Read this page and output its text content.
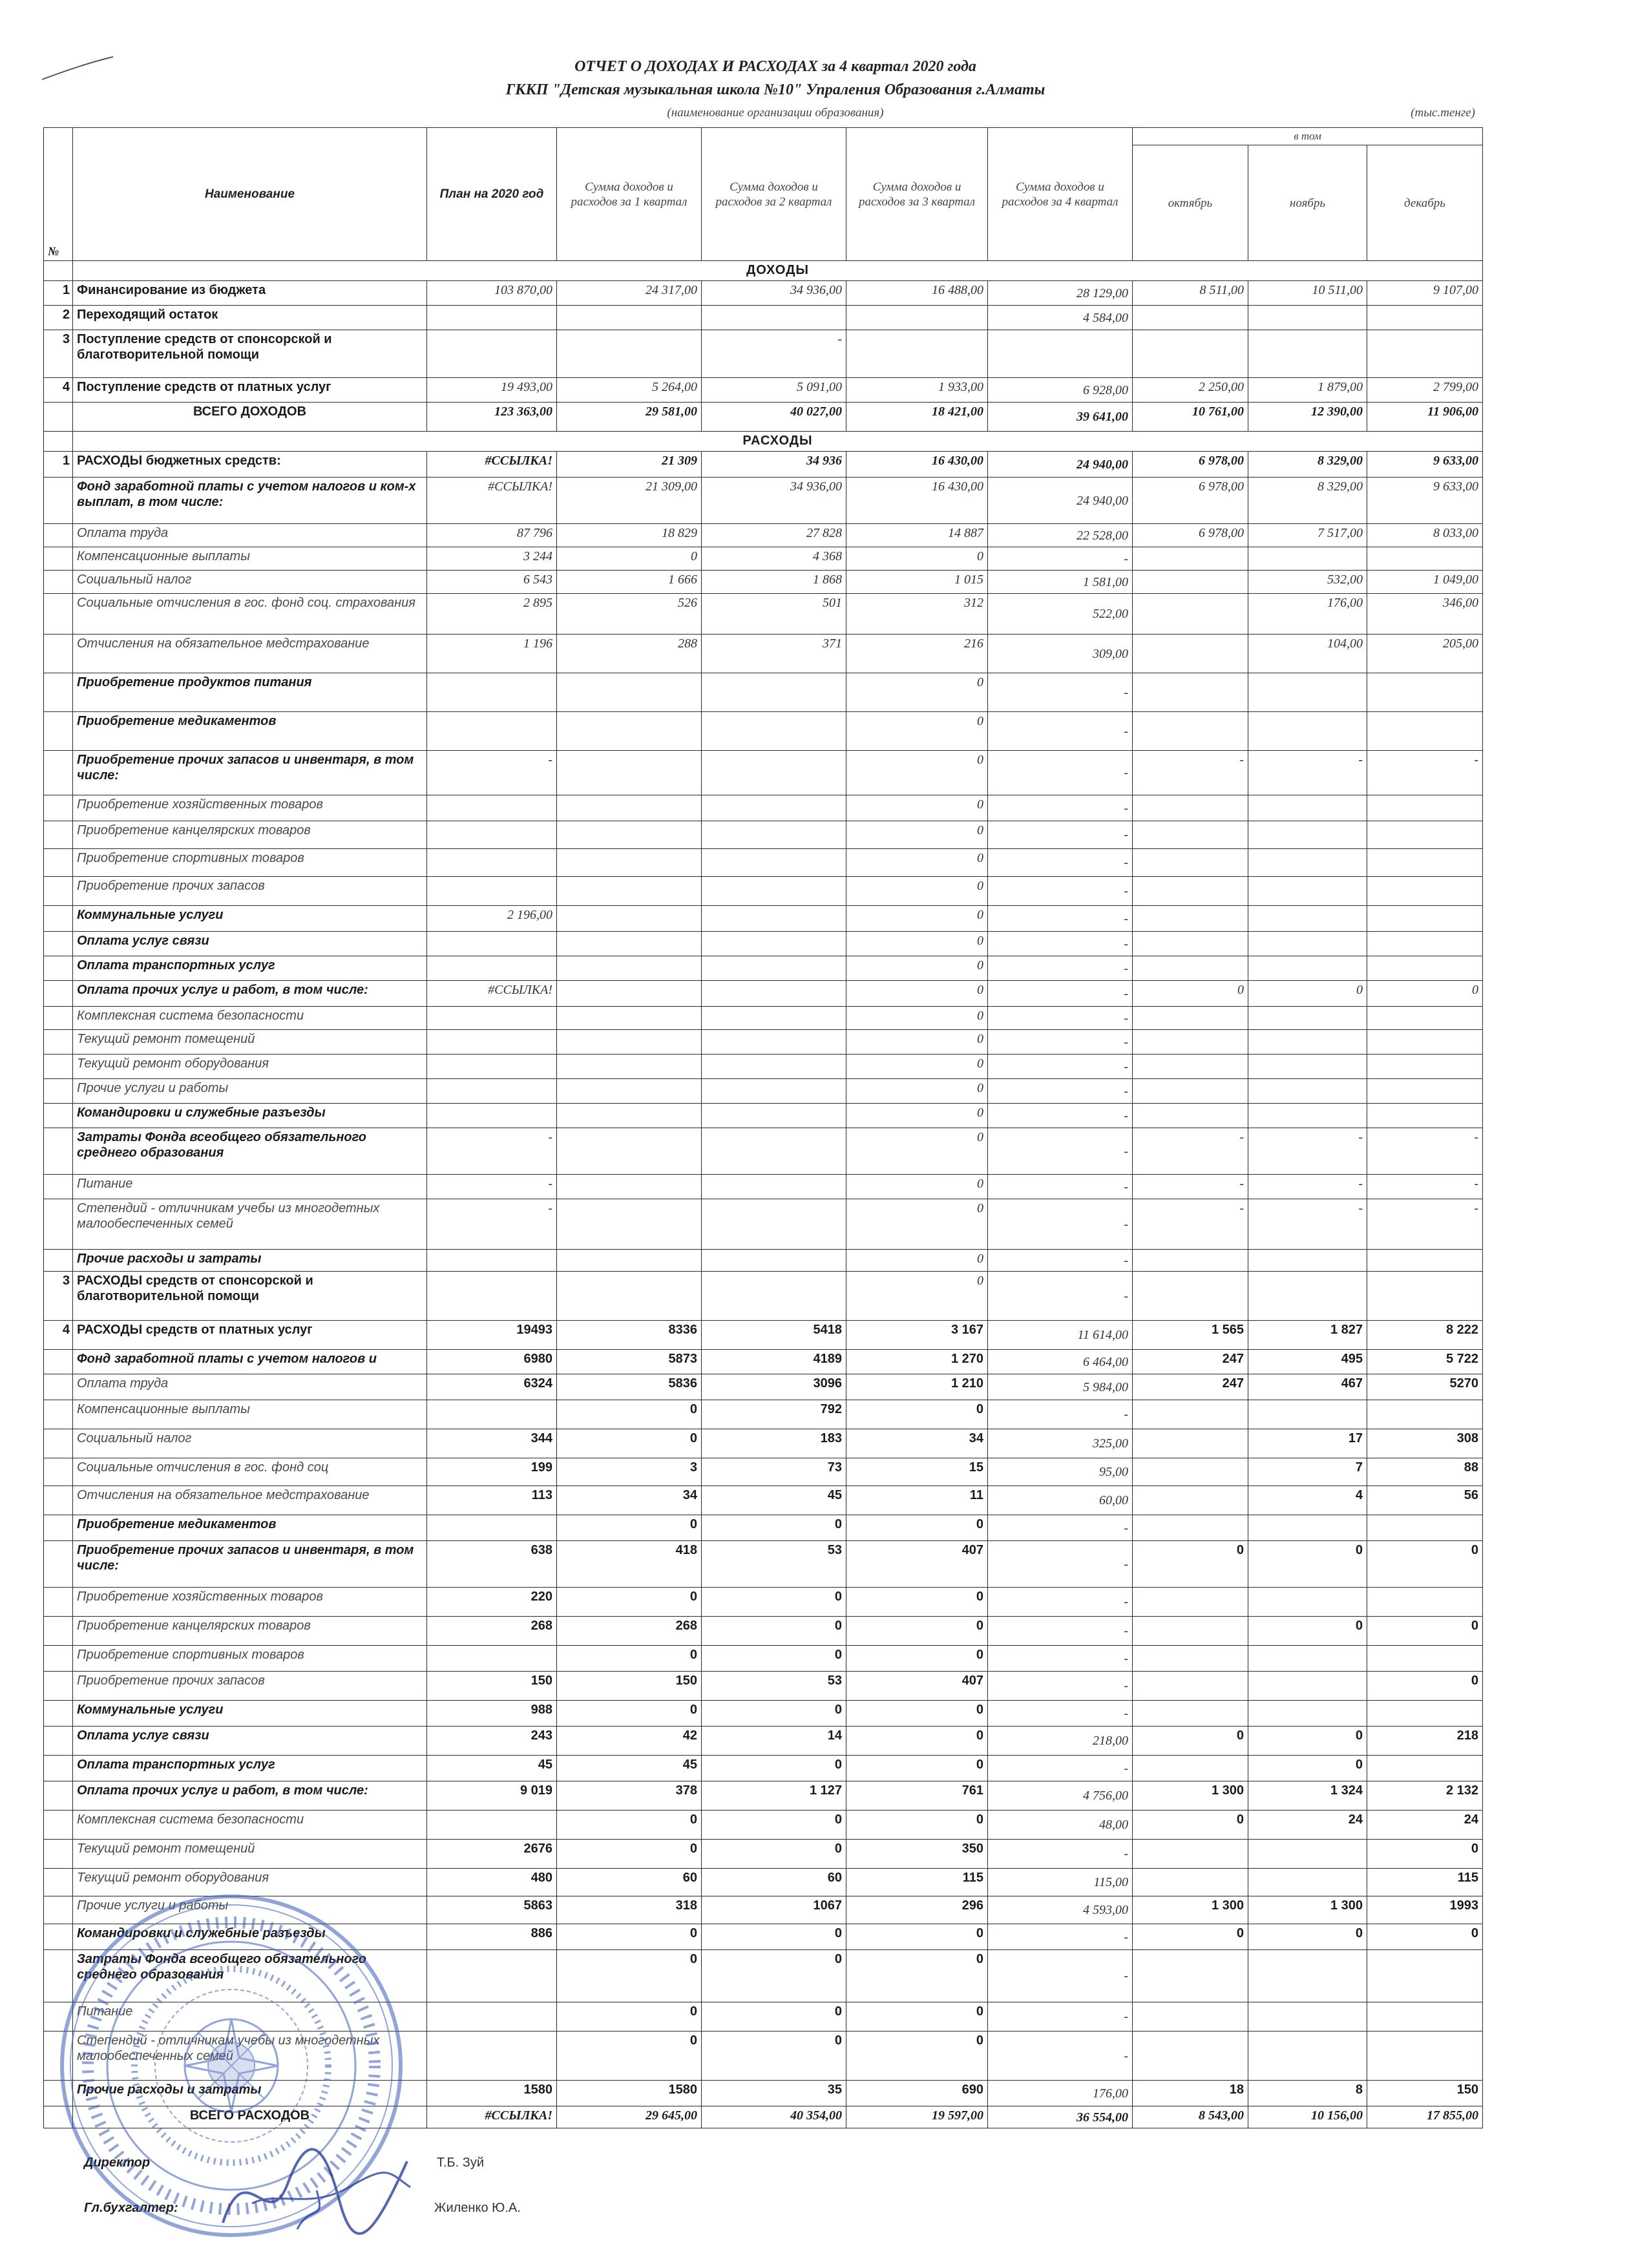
ОТЧЕТ О ДОХОДАХ И РАСХОДАХ за 4 квартал 2020 года
ГККП "Детская музыкальная школа №10" Упраления Образования г.Алматы
(наименование организации образования)	(тыс.тенге)
№	Наименование	План на 2020 год	Сумма доходов и расходов за 1 квартал	Сумма доходов и расходов за 2 квартал	Сумма доходов и расходов за 3 квартал	Сумма доходов и расходов за 4 квартал	в том		
							октябрь	ноябрь	декабрь
	ДОХОДЫ								
1	Финансирование из бюджета	103 870,00	24 317,00	34 936,00	16 488,00	28 129,00	8 511,00	10 511,00	9 107,00
2	Переходящий остаток					4 584,00			
3	Поступление средств от спонсорской и благотворительной помощи			-					
4	Поступление средств от платных услуг	19 493,00	5 264,00	5 091,00	1 933,00	6 928,00	2 250,00	1 879,00	2 799,00
	ВСЕГО ДОХОДОВ	123 363,00	29 581,00	40 027,00	18 421,00	39 641,00	10 761,00	12 390,00	11 906,00
	РАСХОДЫ								
1	РАСХОДЫ бюджетных средств:	#ССЫЛКА!	21 309	34 936	16 430,00	24 940,00	6 978,00	8 329,00	9 633,00
	Фонд заработной платы с учетом налогов и ком-х выплат, в том числе:	#ССЫЛКА!	21 309,00	34 936,00	16 430,00	24 940,00	6 978,00	8 329,00	9 633,00
	Оплата труда	87 796	18 829	27 828	14 887	22 528,00	6 978,00	7 517,00	8 033,00
	Компенсационные выплаты	3 244	0	4 368	0	-			
	Социальный налог	6 543	1 666	1 868	1 015	1 581,00		532,00	1 049,00
	Социальные отчисления в гос. фонд соц. страхования	2 895	526	501	312	522,00		176,00	346,00
	Отчисления на обязательное медстрахование	1 196	288	371	216	309,00		104,00	205,00
	Приобретение продуктов питания				0	-			
	Приобретение медикаментов				0	-			
	Приобретение прочих запасов и инвентаря, в том числе:	-			0	-	-	-	-
	Приобретение хозяйственных товаров				0	-			
	Приобретение канцелярских товаров				0	-			
	Приобретение спортивных товаров				0	-			
	Приобретение прочих запасов				0	-			
	Коммунальные услуги	2 196,00			0	-			
	Оплата услуг связи				0	-			
	Оплата транспортных услуг				0	-			
	Оплата прочих услуг и работ, в том числе:	#ССЫЛКА!			0	-	0	0	0
	Комплексная система безопасности				0	-			
	Текущий ремонт помещений				0	-			
	Текущий ремонт оборудования				0	-			
	Прочие услуги и работы				0	-			
	Командировки и служебные разъезды				0	-			
	Затраты Фонда всеобщего обязательного среднего образования	-			0	-	-	-	-
	Питание	-			0	-	-	-	-
	Степендий - отличникам учебы из многодетных малообеспеченных семей	-			0	-	-	-	-
	Прочие расходы и затраты				0	-			
3	РАСХОДЫ средств от спонсорской и благотворительной помощи				0	-			
4	РАСХОДЫ средств от платных услуг	19493	8336	5418	3 167	11 614,00	1 565	1 827	8 222
	Фонд заработной платы с учетом налогов и	6980	5873	4189	1 270	6 464,00	247	495	5 722
	Оплата труда	6324	5836	3096	1 210	5 984,00	247	467	5270
	Компенсационные выплаты		0	792	0	-			
	Социальный налог	344	0	183	34	325,00		17	308
	Социальные отчисления в гос. фонд соц	199	3	73	15	95,00		7	88
	Отчисления на обязательное медстрахование	113	34	45	11	60,00		4	56
	Приобретение медикаментов		0	0	0	-			
	Приобретение прочих запасов и инвентаря, в том числе:	638	418	53	407	-	0	0	0
	Приобретение хозяйственных товаров	220	0	0	0	-			
	Приобретение канцелярских товаров	268	268	0	0	-		0	0
	Приобретение спортивных товаров		0	0	0	-			
	Приобретение прочих запасов	150	150	53	407	-			0
	Коммунальные услуги	988	0	0	0	-			
	Оплата услуг связи	243	42	14	0	218,00	0	0	218
	Оплата транспортных услуг	45	45	0	0	-		0	
	Оплата прочих услуг и работ, в том числе:	9 019	378	1 127	761	4 756,00	1 300	1 324	2 132
	Комплексная система безопасности		0	0	0	48,00	0	24	24
	Текущий ремонт помещений	2676	0	0	350	-			0
	Текущий ремонт оборудования	480	60	60	115	115,00			115
	Прочие услуги и работы	5863	318	1067	296	4 593,00	1 300	1 300	1993
	Командировки и служебные разъезды	886	0	0	0	-	0	0	0
	Затраты Фонда всеобщего обязательного среднего образования		0	0	0	-			
	Питание		0	0	0	-			
	Степендий - отличникам учебы из многодетных малообеспеченных семей		0	0	0	-			
	Прочие расходы и затраты	1580	1580	35	690	176,00	18	8	150
	ВСЕГО РАСХОДОВ	#ССЫЛКА!	29 645,00	40 354,00	19 597,00	36 554,00	8 543,00	10 156,00	17 855,00
Директор	Т.Б. Зуй
Гл.бухгалтер:	Жиленко Ю.А.
